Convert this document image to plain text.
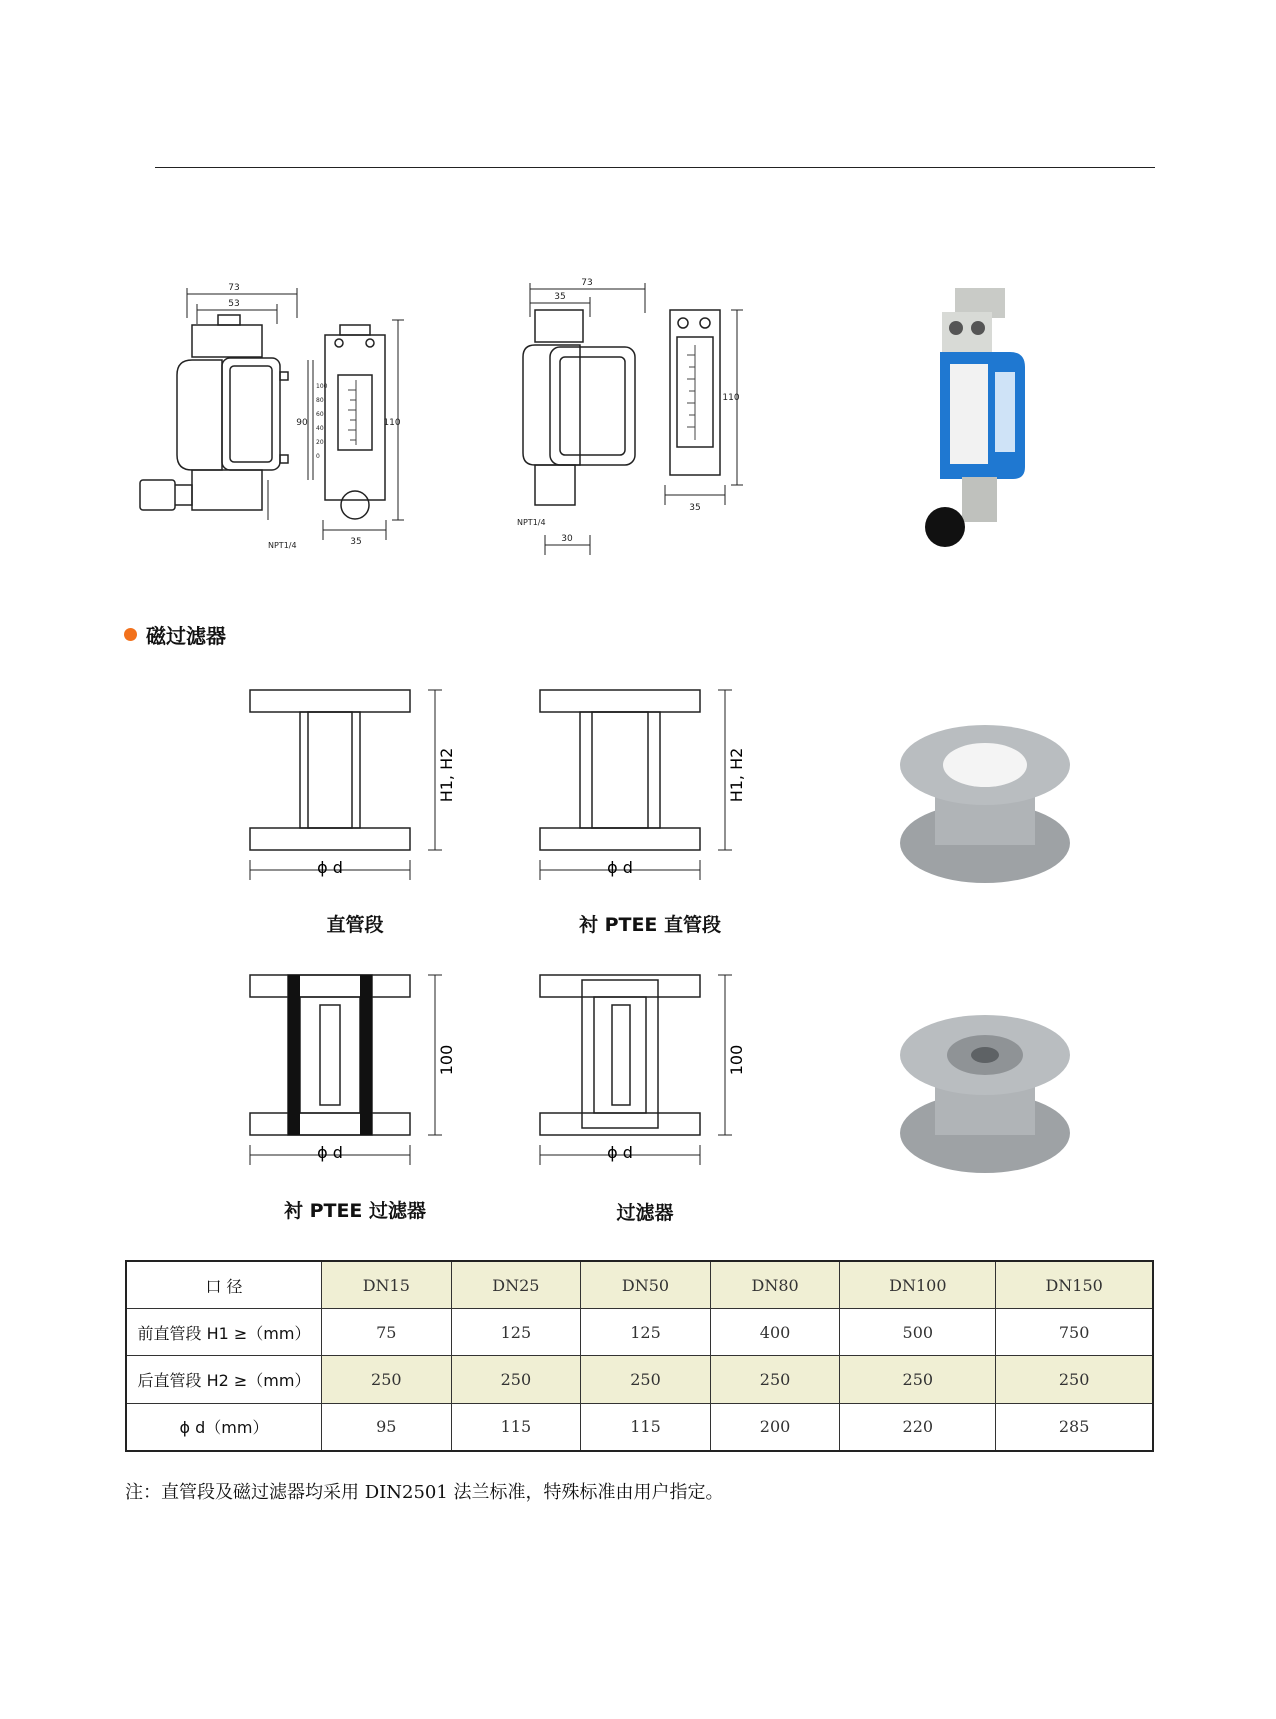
73
53
90	110
35
NPT1/4
100
80
60
40
20
0
73
35
110
35
NPT1/4
30
磁过滤器
H1, H2
ϕ d
直管段
H1, H2
ϕ d
衬 PTEE 直管段
100
ϕ d
衬 PTEE 过滤器
100
ϕ d
过滤器
口 径	DN15	DN25	DN50	DN80	DN100	DN150
前直管段 H1 ≥（mm）	75	125	125	400	500	750
后直管段 H2 ≥（mm）	250	250	250	250	250	250
ϕ d（mm）	95	115	115	200	220	285
注：直管段及磁过滤器均采用 DIN2501 法兰标准，特殊标准由用户指定。
